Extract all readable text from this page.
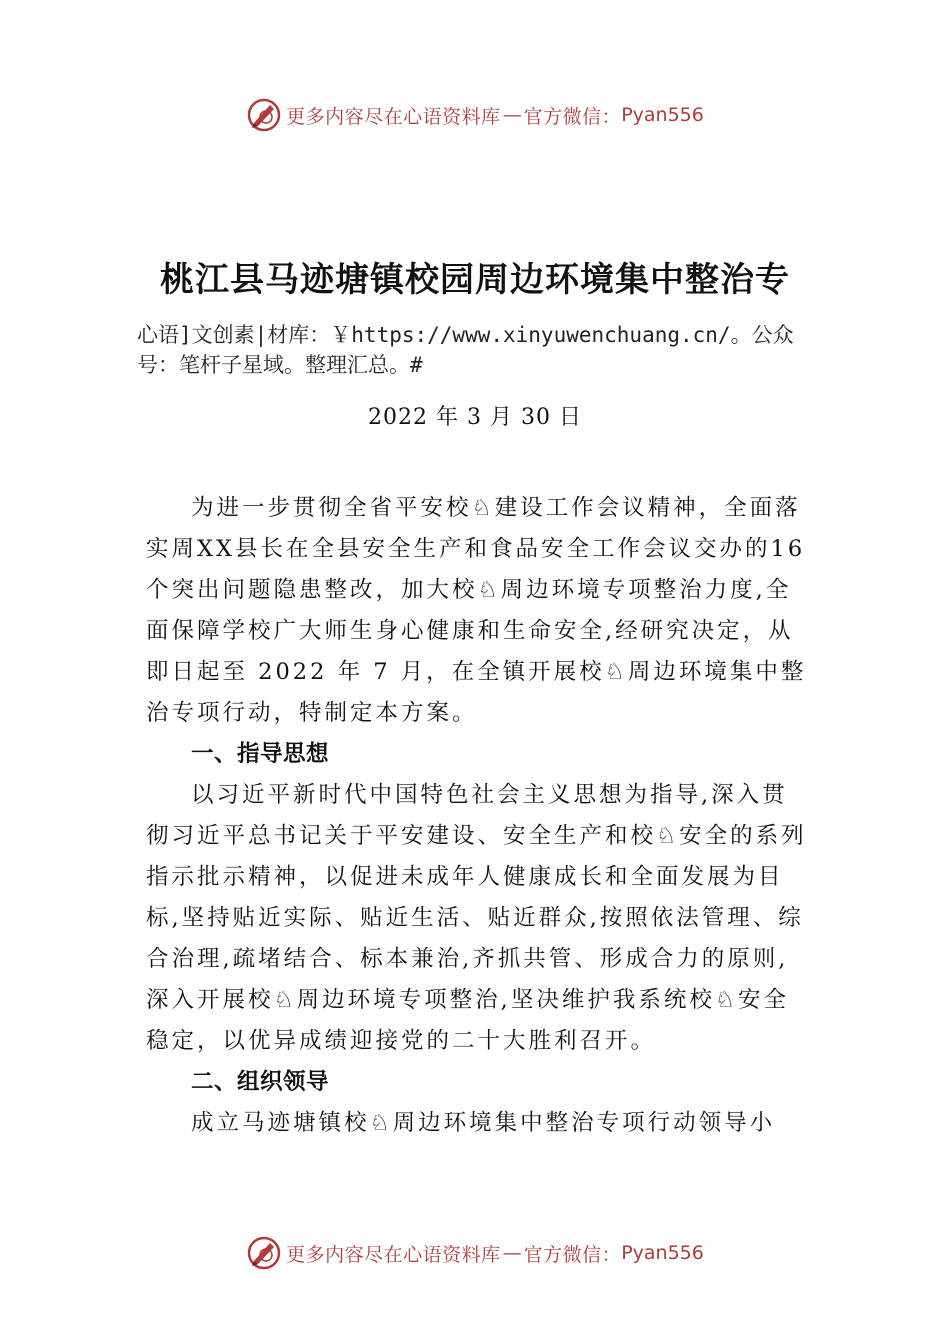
更多内容尽在心语资料库 — 官方微信： Pyan556
桃江县马迹塘镇校园周边环境集中整治专
心语]文创素|材库：￥https://www.xinyuwenchuang.cn/。公众号：笔杆子星域。整理汇总。#
2022 年 3 月 30 日

为进一步贯彻全省平安校♘建设工作会议精神，全面落实周XX县长在全县安全生产和食品安全工作会议交办的16个突出问题隐患整改，加大校♘周边环境专项整治力度,全面保障学校广大师生身心健康和生命安全,经研究决定，从即日起至 2022 年 7 月，在全镇开展校♘周边环境集中整治专项行动，特制定本方案。

一、指导思想

以习近平新时代中国特色社会主义思想为指导,深入贯彻习近平总书记关于平安建设、安全生产和校♘安全的系列指示批示精神，以促进未成年人健康成长和全面发展为目标,坚持贴近实际、贴近生活、贴近群众,按照依法管理、综合治理,疏堵结合、标本兼治,齐抓共管、形成合力的原则,深入开展校♘周边环境专项整治,坚决维护我系统校♘安全稳定，以优异成绩迎接党的二十大胜利召开。

二、组织领导

成立马迹塘镇校♘周边环境集中整治专项行动领导小

更多内容尽在心语资料库 — 官方微信： Pyan556
